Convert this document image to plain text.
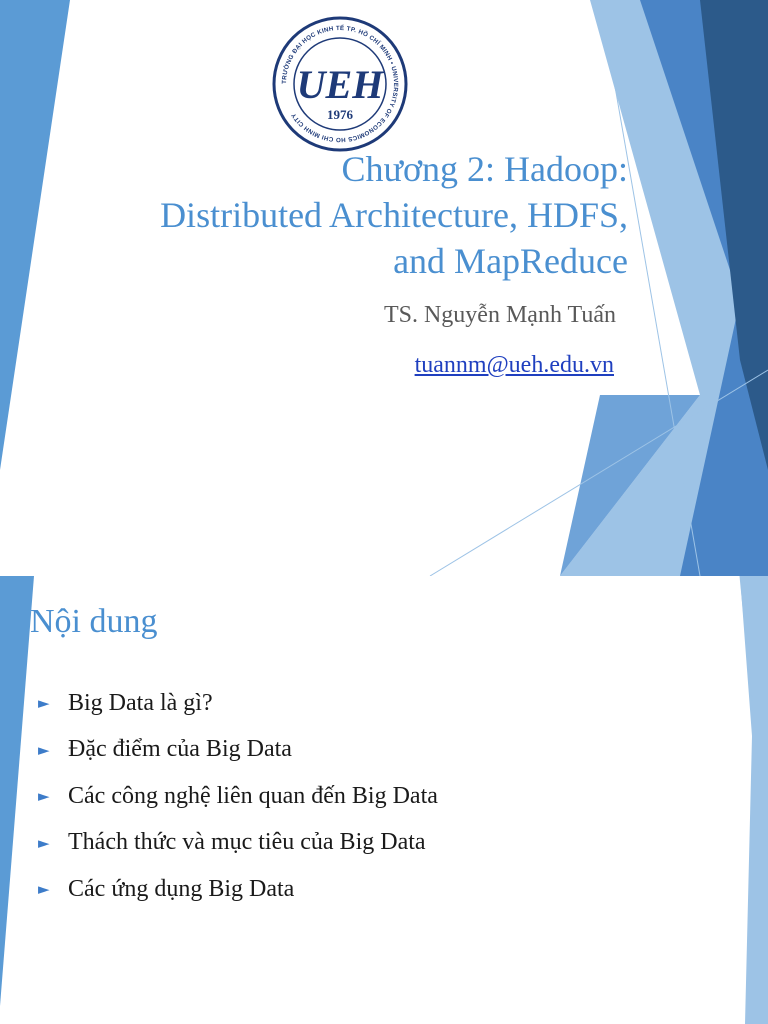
TRƯỜNG ĐẠI HỌC KINH TẾ TP. HỒ CHÍ MINH • UNIVERSITY OF ECONOMICS HO CHI MINH CITY
UEH
1976
Chương 2: Hadoop:
Distributed Architecture, HDFS,
and MapReduce
TS. Nguyễn Mạnh Tuấn
tuannm@ueh.edu.vn
Nội dung
► Big Data là gì?
► Đặc điểm của Big Data
► Các công nghệ liên quan đến Big Data
► Thách thức và mục tiêu của Big Data
► Các ứng dụng Big Data
